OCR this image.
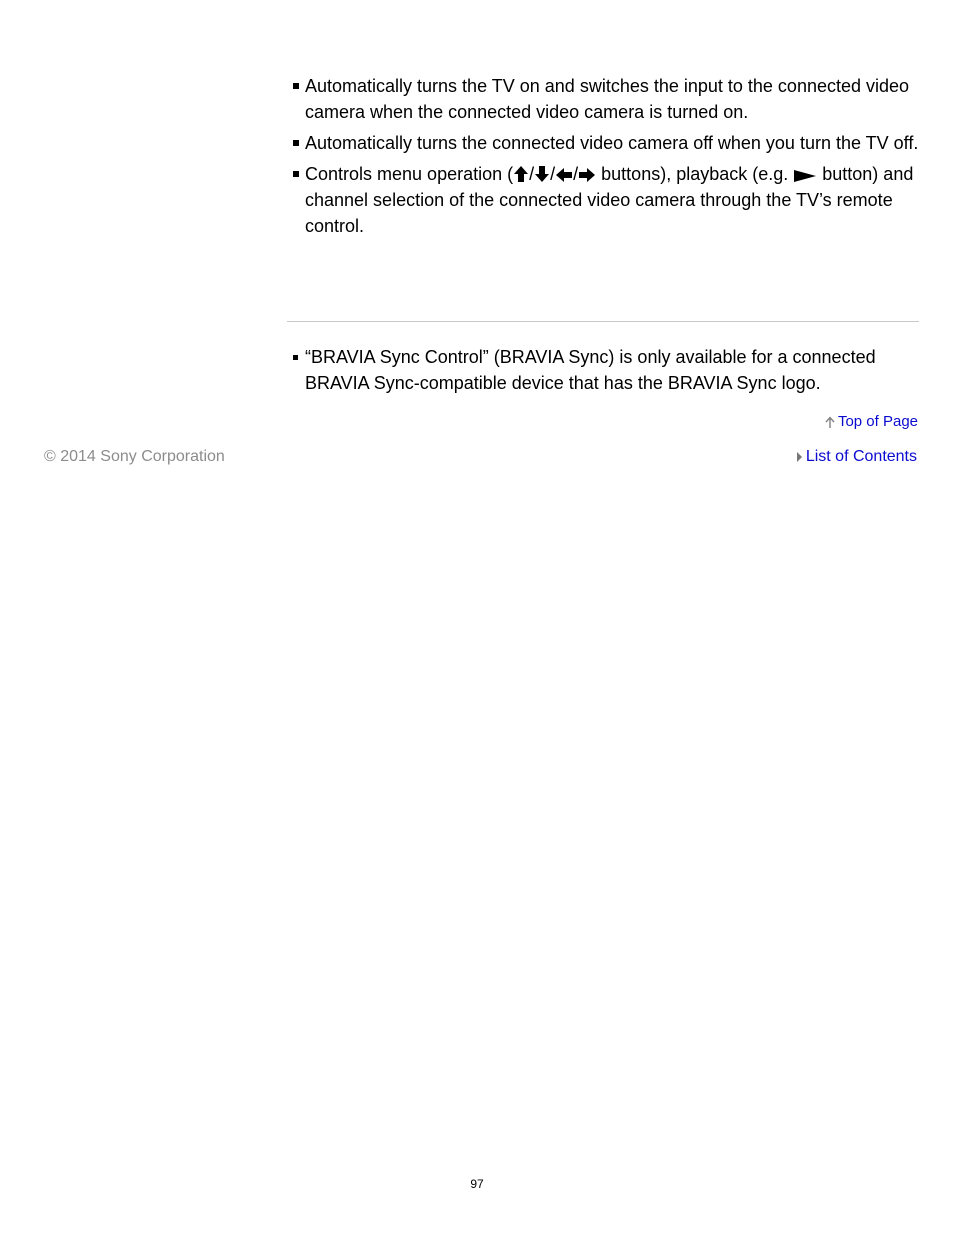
Automatically turns the TV on and switches the input to the connected video camera when the connected video camera is turned on.
Automatically turns the connected video camera off when you turn the TV off.
Controls menu operation ( / / / buttons), playback (e.g.  button) and channel selection of the connected video camera through the TV’s remote control.
“BRAVIA Sync Control” (BRAVIA Sync) is only available for a connected BRAVIA Sync-compatible device that has the BRAVIA Sync logo.
Top of Page
© 2014 Sony Corporation	List of Contents
97
